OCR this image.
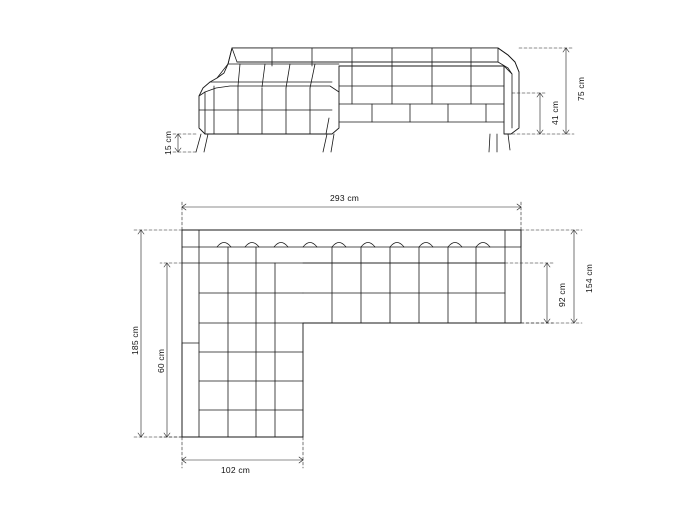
75 cm
41 cm
15 cm
293 cm
154 cm
92 cm
185 cm
60 cm
102 cm
